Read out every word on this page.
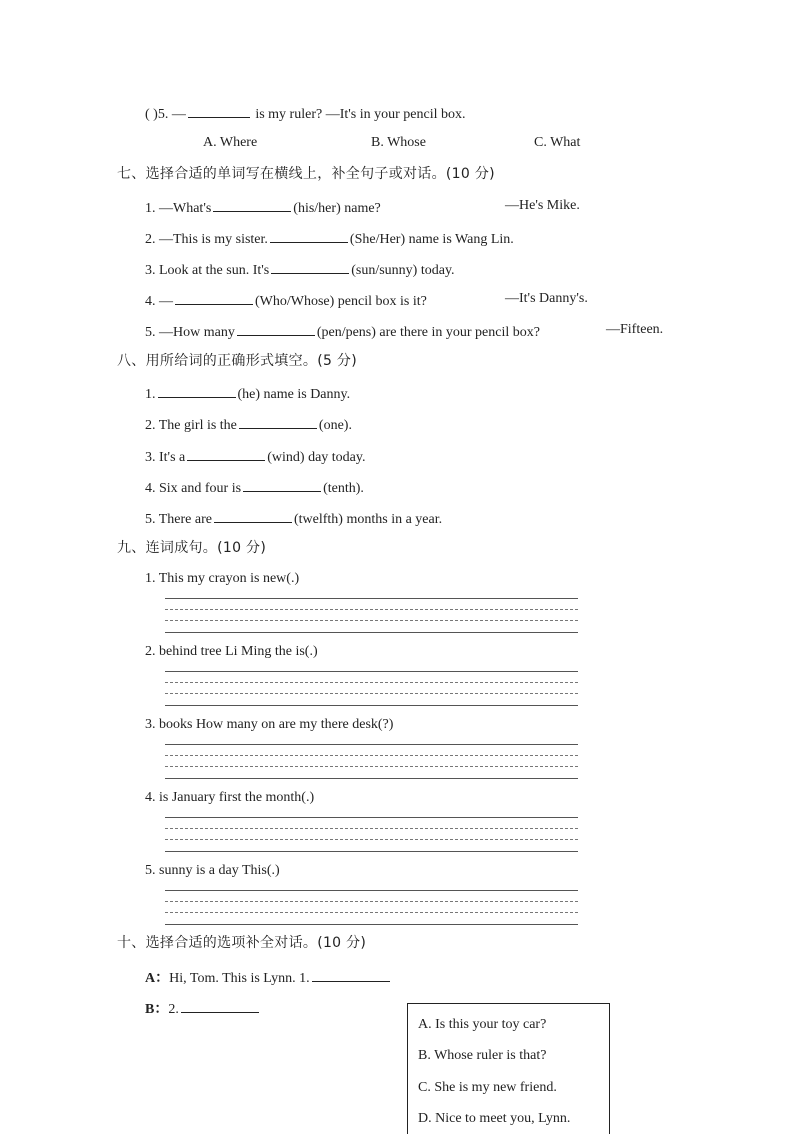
( )5. —	is my ruler? —It's in your pencil box.
A. Where	B. Whose	C. What
七、选择合适的单词写在横线上，补全句子或对话。(10 分)
1. —What's	(his/her) name?	—He's Mike.
2. —This is my sister.	(She/Her) name is Wang Lin.
3. Look at the sun. It's	(sun/sunny) today.
4. —	(Who/Whose) pencil box is it?	—It's Danny's.
5. —How many	(pen/pens) are there in your pencil box?	—Fifteen.
八、用所给词的正确形式填空。(5 分)
1.	(he) name is Danny.
2. The girl is the	(one).
3. It's a	(wind) day today.
4. Six and four is	(tenth).
5. There are	(twelfth) months in a year.
九、连词成句。(10 分)
1. This my crayon is new(.)
2. behind tree Li Ming the is(.)
3. books How many on are my there desk(?)
4. is January first the month(.)
5. sunny is a day This(.)
十、选择合适的选项补全对话。(10 分)
A：Hi, Tom. This is Lynn. 1.
B：2.
A. Is this your toy car?
B. Whose ruler is that?
C. She is my new friend.
D. Nice to meet you, Lynn.
